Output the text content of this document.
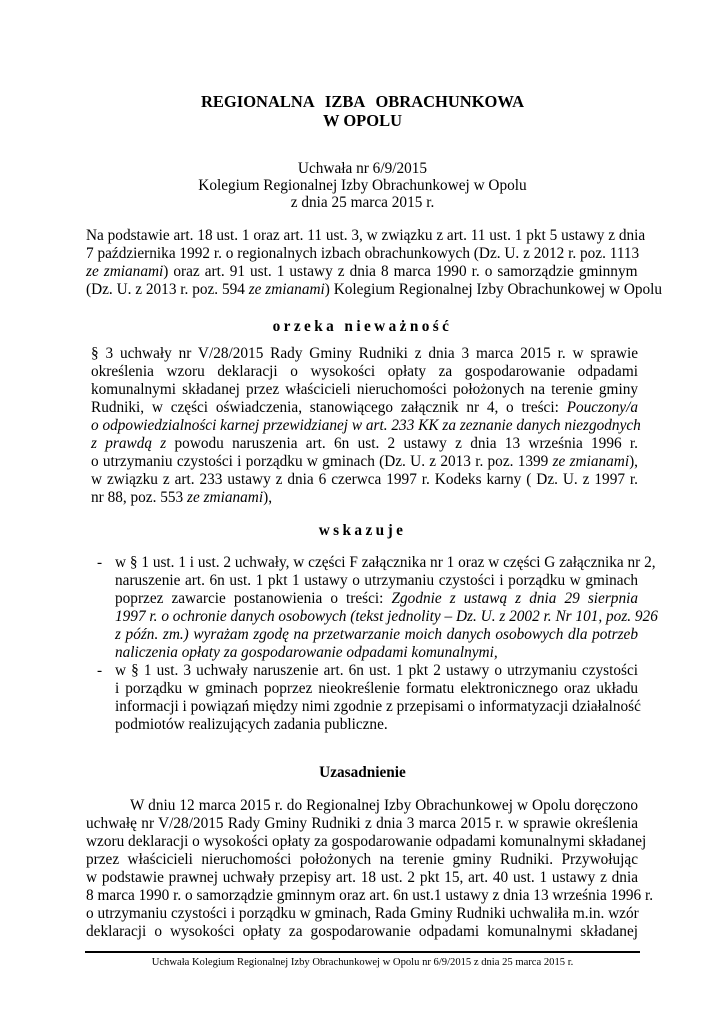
REGIONALNA IZBA OBRACHUNKOWA
W OPOLU
Uchwała nr 6/9/2015
Kolegium Regionalnej Izby Obrachunkowej w Opolu
z dnia 25 marca 2015 r.
Na podstawie art. 18 ust. 1 oraz art. 11 ust. 3, w związku z art. 11 ust. 1 pkt 5 ustawy z dnia
7 października 1992 r. o regionalnych izbach obrachunkowych (Dz. U. z 2012 r. poz. 1113
ze zmianami) oraz art. 91 ust. 1 ustawy z dnia 8 marca 1990 r. o samorządzie gminnym
(Dz. U. z 2013 r. poz. 594 ze zmianami) Kolegium Regionalnej Izby Obrachunkowej w Opolu
orzeka nieważność
§ 3 uchwały nr V/28/2015 Rady Gminy Rudniki z dnia 3 marca 2015 r. w sprawie
określenia wzoru deklaracji o wysokości opłaty za gospodarowanie odpadami
komunalnymi składanej przez właścicieli nieruchomości położonych na terenie gminy
Rudniki, w części oświadczenia, stanowiącego załącznik nr 4, o treści: Pouczony/a
o odpowiedzialności karnej przewidzianej w art. 233 KK za zeznanie danych niezgodnych
z prawdą z powodu naruszenia art. 6n ust. 2 ustawy z dnia 13 września 1996 r.
o utrzymaniu czystości i porządku w gminach (Dz. U. z 2013 r. poz. 1399 ze zmianami),
w związku z art. 233 ustawy z dnia 6 czerwca 1997 r. Kodeks karny ( Dz. U. z 1997 r.
nr 88, poz. 553 ze zmianami),
wskazuje
- w § 1 ust. 1 i ust. 2 uchwały, w części F załącznika nr 1 oraz w części G załącznika nr 2,
naruszenie art. 6n ust. 1 pkt 1 ustawy o utrzymaniu czystości i porządku w gminach
poprzez zawarcie postanowienia o treści: Zgodnie z ustawą z dnia 29 sierpnia
1997 r. o ochronie danych osobowych (tekst jednolity – Dz. U. z 2002 r. Nr 101, poz. 926
z późn. zm.) wyrażam zgodę na przetwarzanie moich danych osobowych dla potrzeb
naliczenia opłaty za gospodarowanie odpadami komunalnymi,
- w § 1 ust. 3 uchwały naruszenie art. 6n ust. 1 pkt 2 ustawy o utrzymaniu czystości
i porządku w gminach poprzez nieokreślenie formatu elektronicznego oraz układu
informacji i powiązań między nimi zgodnie z przepisami o informatyzacji działalność
podmiotów realizujących zadania publiczne.
Uzasadnienie
W dniu 12 marca 2015 r. do Regionalnej Izby Obrachunkowej w Opolu doręczono
uchwałę nr V/28/2015 Rady Gminy Rudniki z dnia 3 marca 2015 r. w sprawie określenia
wzoru deklaracji o wysokości opłaty za gospodarowanie odpadami komunalnymi składanej
przez właścicieli nieruchomości położonych na terenie gminy Rudniki. Przywołując
w podstawie prawnej uchwały przepisy art. 18 ust. 2 pkt 15, art. 40 ust. 1 ustawy z dnia
8 marca 1990 r. o samorządzie gminnym oraz art. 6n ust.1 ustawy z dnia 13 września 1996 r.
o utrzymaniu czystości i porządku w gminach, Rada Gminy Rudniki uchwaliła m.in. wzór
deklaracji o wysokości opłaty za gospodarowanie odpadami komunalnymi składanej
Uchwała Kolegium Regionalnej Izby Obrachunkowej w Opolu nr 6/9/2015 z dnia 25 marca 2015 r.
